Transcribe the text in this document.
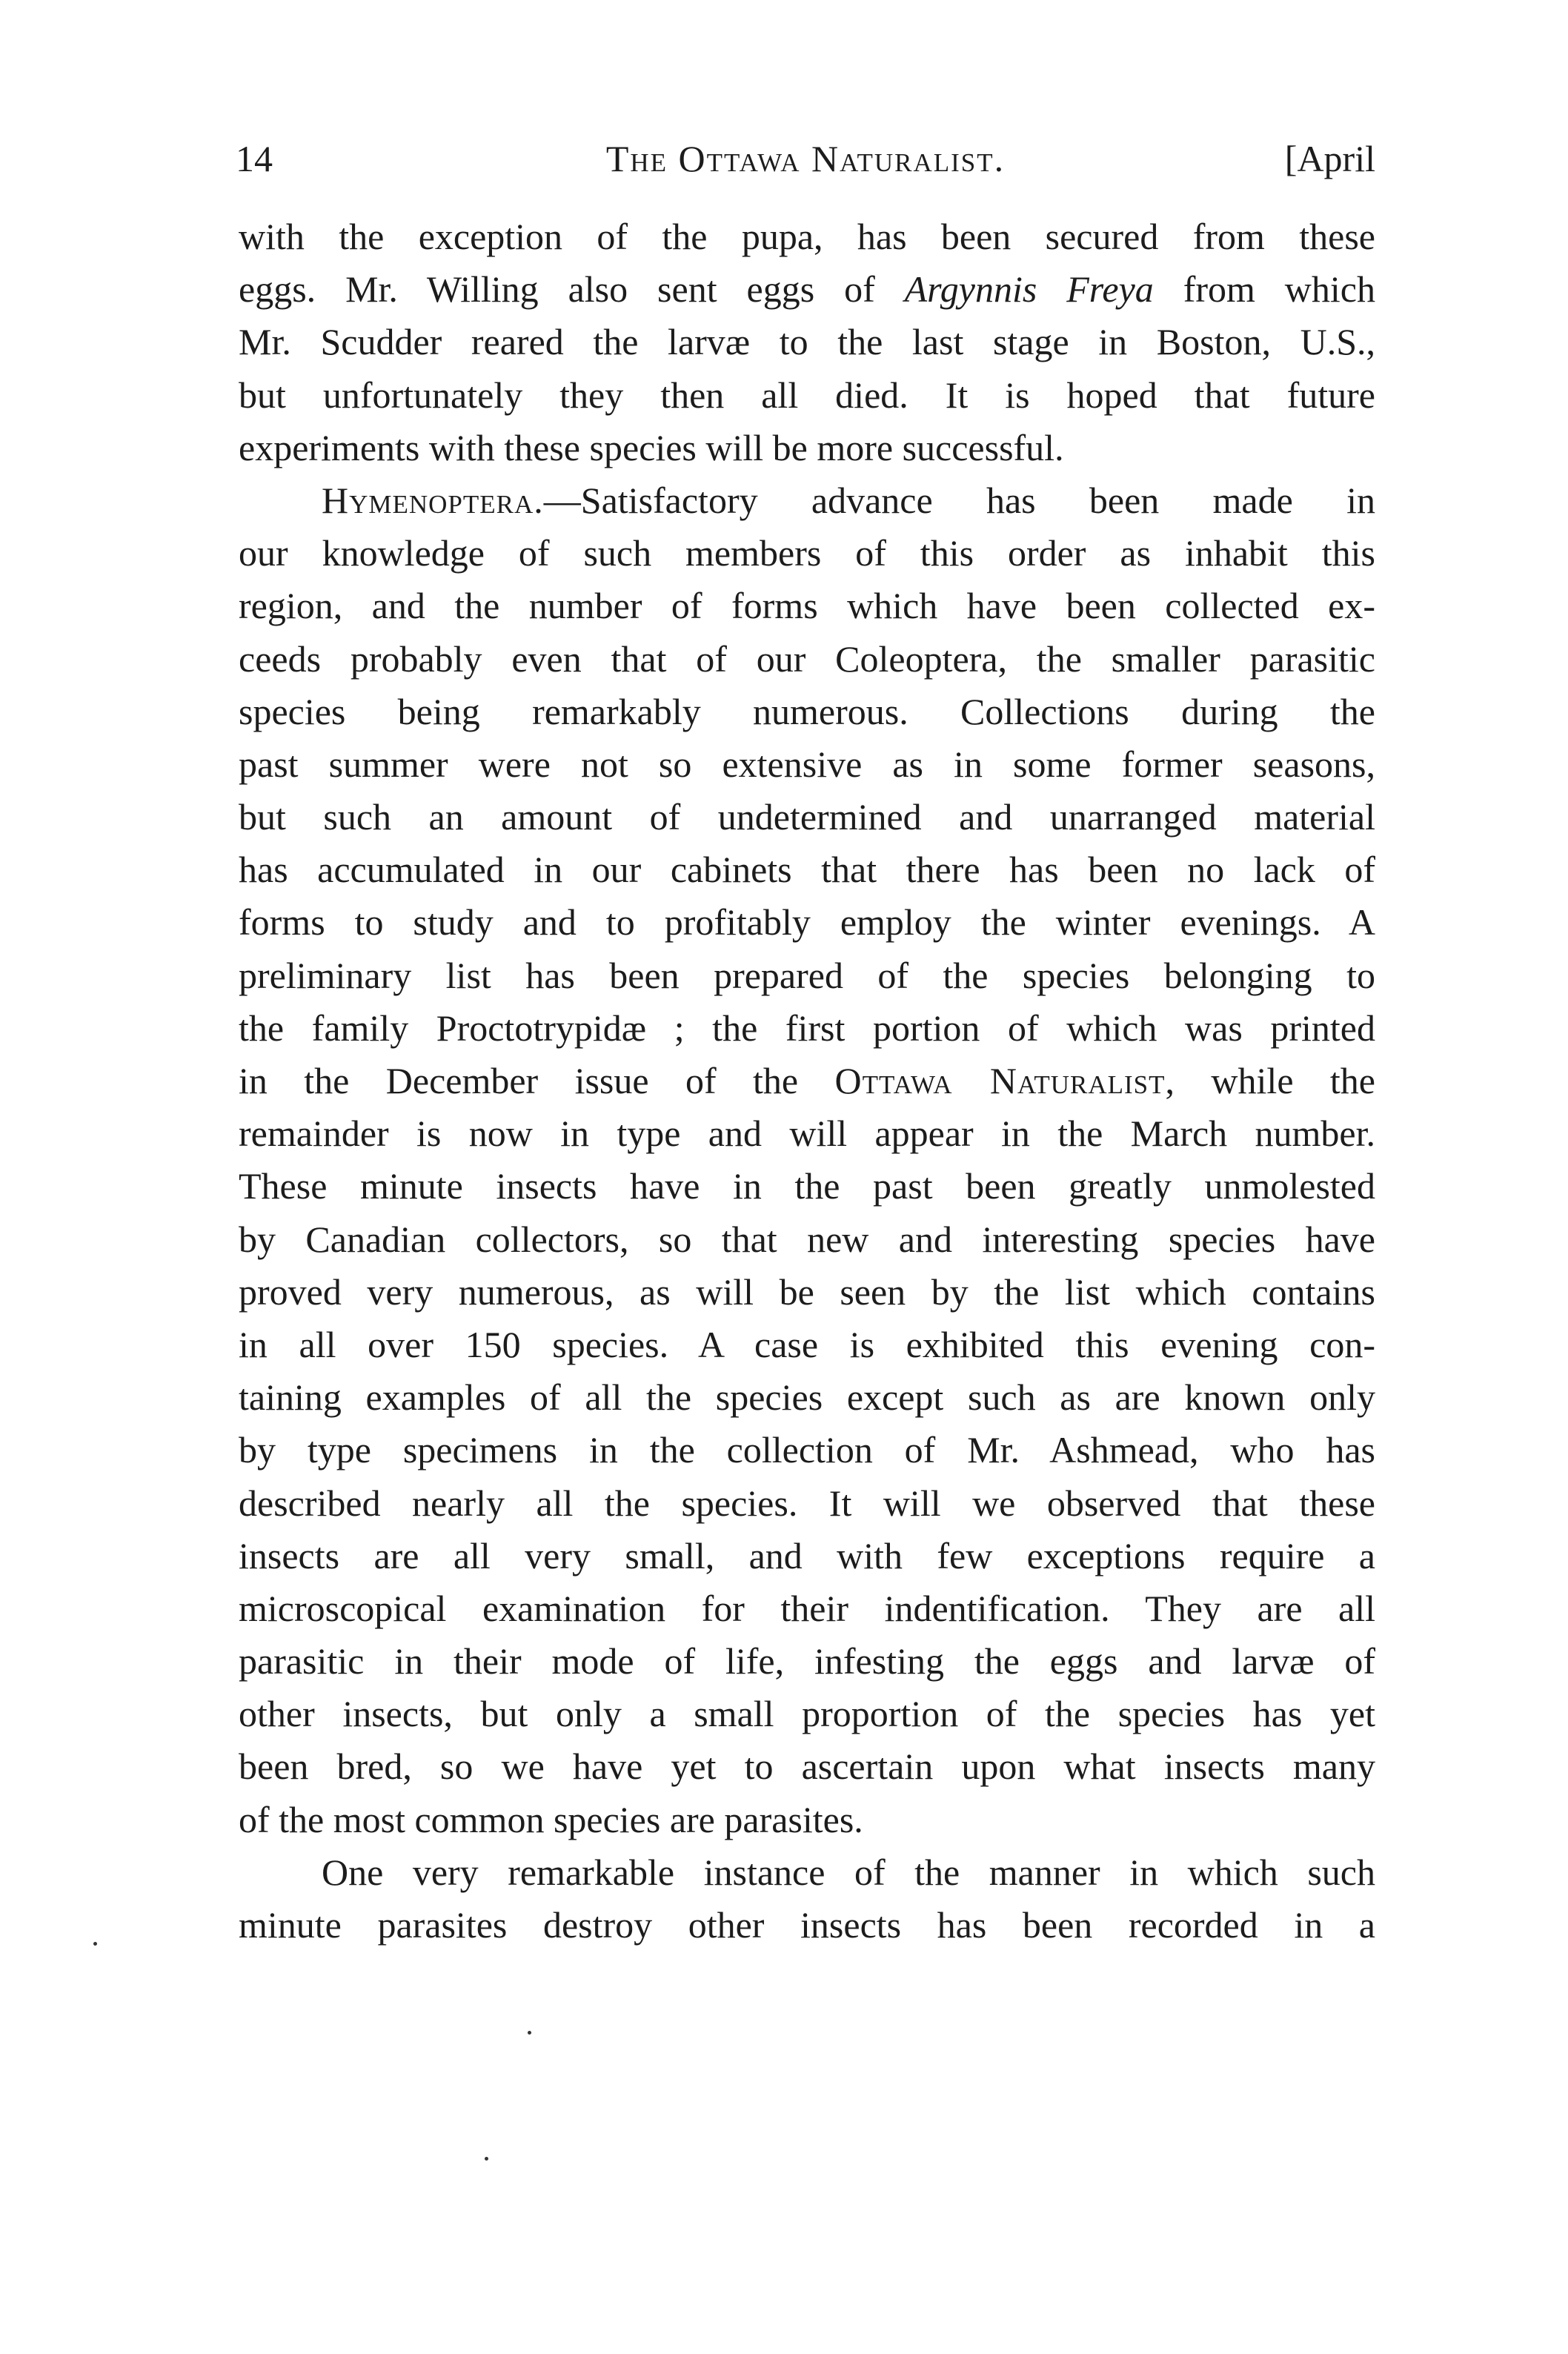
14	The Ottawa Naturalist.	[April
with the exception of the pupa, has been secured from these
eggs. Mr. Willing also sent eggs of Argynnis Freya from which
Mr. Scudder reared the larvæ to the last stage in Boston, U.S.,
but unfortunately they then all died. It is hoped that future
experiments with these species will be more successful.
Hymenoptera.—Satisfactory advance has been made in
our knowledge of such members of this order as inhabit this
region, and the number of forms which have been collected ex-
ceeds probably even that of our Coleoptera, the smaller parasitic
species being remarkably numerous. Collections during the
past summer were not so extensive as in some former seasons,
but such an amount of undetermined and unarranged material
has accumulated in our cabinets that there has been no lack of
forms to study and to profitably employ the winter evenings. A
preliminary list has been prepared of the species belonging to
the family Proctotrypidæ ; the first portion of which was printed
in the December issue of the Ottawa Naturalist, while the
remainder is now in type and will appear in the March number.
These minute insects have in the past been greatly unmolested
by Canadian collectors, so that new and interesting species have
proved very numerous, as will be seen by the list which contains
in all over 150 species. A case is exhibited this evening con-
taining examples of all the species except such as are known only
by type specimens in the collection of Mr. Ashmead, who has
described nearly all the species. It will we observed that these
insects are all very small, and with few exceptions require a
microscopical examination for their indentification. They are all
parasitic in their mode of life, infesting the eggs and larvæ of
other insects, but only a small proportion of the species has yet
been bred, so we have yet to ascertain upon what insects many
of the most common species are parasites.
One very remarkable instance of the manner in which such
minute parasites destroy other insects has been recorded in a
